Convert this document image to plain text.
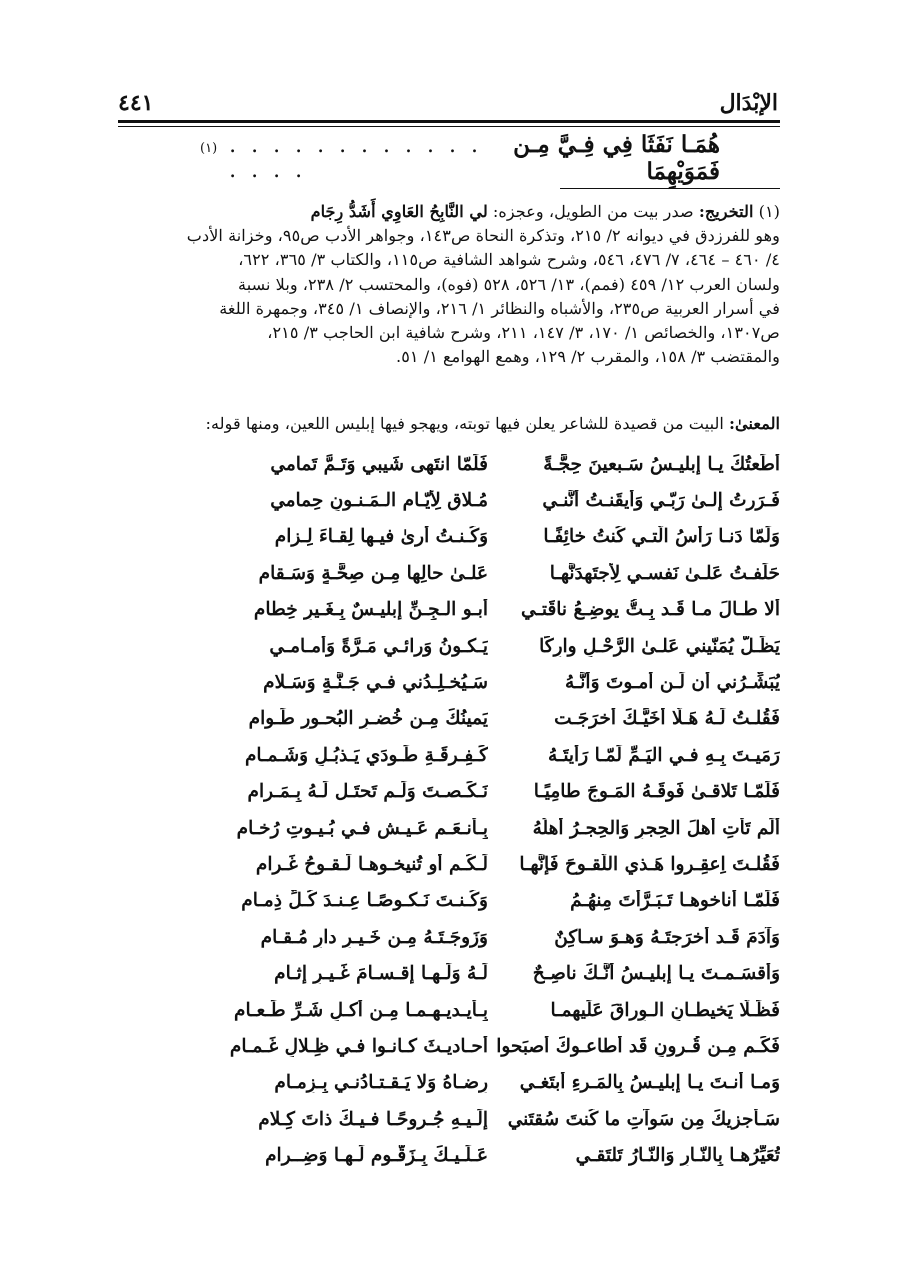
الإبْدَال
٤٤١
هُمَـا نَفَثَا فِي فِـيَّ مِـن فَمَوَيْهِمَا
. . . . . . . . . . . . . . . .
(١)

(١) التخريج: صدر بيت من الطويل، وعجزه: لي النَّابِحُ العَاوِي أَشَدُّ رِجَام

وهو للفرزدق في ديوانه ٢/ ٢١٥، وتذكرة النحاة ص١٤٣، وجواهر الأدب ص٩٥، وخزانة الأدب

٤/ ٤٦٠ – ٤٦٤، ٧/ ٤٧٦، ٥٤٦، وشرح شواهد الشافية ص١١٥، والكتاب ٣/ ٣٦٥، ٦٢٢،

ولسان العرب ١٢/ ٤٥٩ (فمم)، ١٣/ ٥٢٦، ٥٢٨ (فوه)، والمحتسب ٢/ ٢٣٨، وبلا نسبة

في أسرار العربية ص٢٣٥، والأشباه والنظائر ١/ ٢١٦، والإنصاف ١/ ٣٤٥، وجمهرة اللغة

ص١٣٠٧، والخصائص ١/ ١٧٠، ٣/ ١٤٧، ٢١١، وشرح شافية ابن الحاجب ٣/ ٢١٥،

والمقتضب ٣/ ١٥٨، والمقرب ٢/ ١٢٩، وهمع الهوامع ١/ ٥١.

المعنىٰ: البيت من قصيدة للشاعر يعلن فيها توبته، ويهجو فيها إبليس اللعين، ومنها قوله:
أَطَعتُكَ يـا إبليـسُ سَـبعينَ حِجَّـةً
فَلَمّا انتَهى شَيبي وَتَـمَّ تَمامي
فَـرَرتُ إِلـىٰ رَبّـي وَأَيقَنـتُ أَنَّنـي
مُـلاقٍ لِأَيّـامِ الـمَـنـونِ حِمامي
وَلَمّا دَنـا رَأسُ الَّتـي كُنتُ خائِفًـا
وَكُـنـتُ أَرىٰ فيـها لِقـاءَ لِـزامِ
حَلَفـتُ عَلـىٰ نَفسـي لِأَجتَهِدَنَّهـا
عَلـىٰ حالِها مِـن صِحَّـةٍ وَسَـقامِ
أَلا طـالَ مـا قَـد بِـتُّ يوضِـعُ ناقَتـي
أَبـو الـجِـنِّ إِبليـسٌ بِـغَـيرِ خِطامِ
يَظَـلُّ يُمَنّيني عَلـىٰ الرَّحْـلِ وارِكًا
يَـكـونُ وَرائـي مَـرَّةً وَأَمـامـي
يُبَشِّـرُني أَن لَـن أَمـوتَ وَأَنَّـهُ
سَـيُخـلِـدُني فـي جَـنَّـةٍ وَسَـلامِ
فَقُلـتُ لَـهُ هَـلّا أُخَيَّـكَ أَخرَجَـت
يَمينُكَ مِـن خُضـرِ البُحـورِ طَـوامِ
رَمَيـتَ بِـهِ فـي اليَـمِّ لَمّـا رَأَيتَـهُ
كَـفِـرقَـةِ طَـودَي يَـذبُـلٍ وَشَـمـامِ
فَلَمّـا تَلاقـىٰ فَوقَـهُ المَـوجَ طامِيًـا
نَـكَـصـتَ وَلَـم تَحتَـل لَـهُ بِـمَـرامِ
أَلَم تَأتِ أَهلَ الحِجرِ وَالحِجـرُ أَهلُهُ
بِـأَنـعَـمِ عَـيـشٍ فـي بُـيـوتِ رُخـامِ
فَقُلـتَ اِعقِـروا هَـذي اللَّقـوحَ فَإِنَّهـا
لَـكُـم أَو تُنيخـوهـا لَـقـوحُ غَـرامِ
فَلَمّـا أَناخوهـا تَـبَـرَّأتَ مِنهُـمُ
وَكُـنـتَ نَـكـوصًـا عِـنـدَ كُـلِّ ذِمـامِ
وَآدَمَ قَـد أَخرَجتَـهُ وَهـوَ سـاكِنٌ
وَزَوجَـتَـهُ مِـن خَـيـرِ دارِ مُـقـامِ
وَأَقسَـمـتَ يـا إِبليـسُ أَنَّـكَ ناصِـحٌ
لَـهُ وَلَـهـا إِقـسـامَ غَـيـرِ إِثـامِ
فَظَـلّا يَخيطـانِ الـوِراقَ عَلَيهِمـا
بِـأَيـديـهِـمـا مِـن أَكـلِ شَـرِّ طَـعـامِ
فَكَـم مِـن قُـرونٍ قَد أَطاعـوكَ أَصبَحوا
أَحـاديـثَ كـانـوا فـي ظِـلالِ غَـمـامِ
وَمـا أَنـتَ يـا إِبليـسُ بِالمَـرءِ أَبتَغـي
رِضـاهُ وَلا يَـقـتـادُنـي بِـزِمـامِ
سَـأُجزيكَ مِن سَوآتِ ما كُنتَ سُقتَني
إِلَـيـهِ جُـروحًـا فـيـكَ ذاتَ كِـلامِ
تُعَيِّرُهـا بِالنّـارِ وَالنّـارُ تَلتَقـي
عَـلَـيـكَ بِـزَقّـومٍ لَـهـا وَضِــرامِ
